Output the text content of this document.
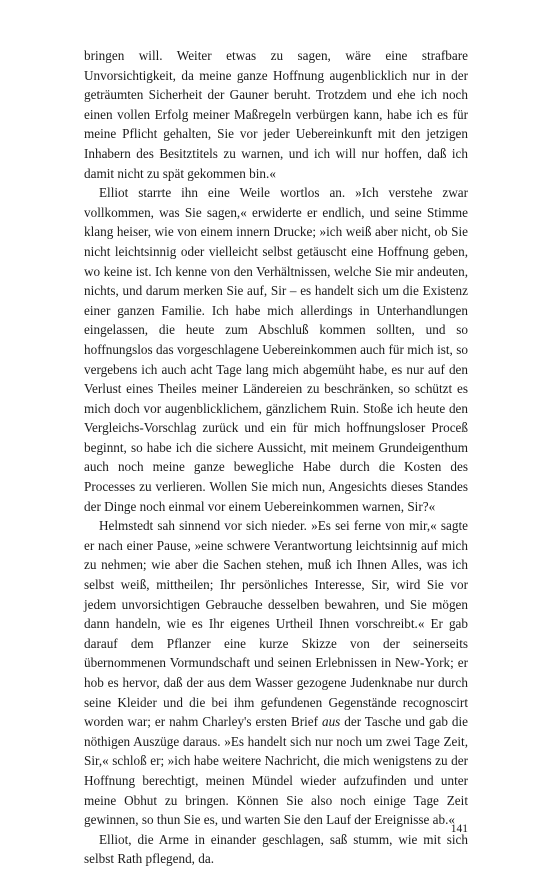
bringen will. Weiter etwas zu sagen, wäre eine strafbare Unvorsichtigkeit, da meine ganze Hoffnung augenblicklich nur in der geträumten Sicherheit der Gauner beruht. Trotzdem und ehe ich noch einen vollen Erfolg meiner Maßregeln verbürgen kann, habe ich es für meine Pflicht gehalten, Sie vor jeder Uebereinkunft mit den jetzigen Inhabern des Besitztitels zu warnen, und ich will nur hoffen, daß ich damit nicht zu spät gekommen bin.«

Elliot starrte ihn eine Weile wortlos an. »Ich verstehe zwar vollkommen, was Sie sagen,« erwiderte er endlich, und seine Stimme klang heiser, wie von einem innern Drucke; »ich weiß aber nicht, ob Sie nicht leichtsinnig oder vielleicht selbst getäuscht eine Hoffnung geben, wo keine ist. Ich kenne von den Verhältnissen, welche Sie mir andeuten, nichts, und darum merken Sie auf, Sir – es handelt sich um die Existenz einer ganzen Familie. Ich habe mich allerdings in Unterhandlungen eingelassen, die heute zum Abschluß kommen sollten, und so hoffnungslos das vorgeschlagene Uebereinkommen auch für mich ist, so vergebens ich auch acht Tage lang mich abgemüht habe, es nur auf den Verlust eines Theiles meiner Ländereien zu beschränken, so schützt es mich doch vor augenblicklichem, gänzlichem Ruin. Stoße ich heute den Vergleichs-Vorschlag zurück und ein für mich hoffnungsloser Proceß beginnt, so habe ich die sichere Aussicht, mit meinem Grundeigenthum auch noch meine ganze bewegliche Habe durch die Kosten des Processes zu verlieren. Wollen Sie mich nun, Angesichts dieses Standes der Dinge noch einmal vor einem Uebereinkommen warnen, Sir?«

Helmstedt sah sinnend vor sich nieder. »Es sei ferne von mir,« sagte er nach einer Pause, »eine schwere Verantwortung leichtsinnig auf mich zu nehmen; wie aber die Sachen stehen, muß ich Ihnen Alles, was ich selbst weiß, mittheilen; Ihr persönliches Interesse, Sir, wird Sie vor jedem unvorsichtigen Gebrauche desselben bewahren, und Sie mögen dann handeln, wie es Ihr eigenes Urtheil Ihnen vorschreibt.« Er gab darauf dem Pflanzer eine kurze Skizze von der seinerseits übernommenen Vormundschaft und seinen Erlebnissen in New-York; er hob es hervor, daß der aus dem Wasser gezogene Judenknabe nur durch seine Kleider und die bei ihm gefundenen Gegenstände recognoscirt worden war; er nahm Charley's ersten Brief aus der Tasche und gab die nöthigen Auszüge daraus. »Es handelt sich nur noch um zwei Tage Zeit, Sir,« schloß er; »ich habe weitere Nachricht, die mich wenigstens zu der Hoffnung berechtigt, meinen Mündel wieder aufzufinden und unter meine Obhut zu bringen. Können Sie also noch einige Tage Zeit gewinnen, so thun Sie es, und warten Sie den Lauf der Ereignisse ab.«

Elliot, die Arme in einander geschlagen, saß stumm, wie mit sich selbst Rath pflegend, da.

141
